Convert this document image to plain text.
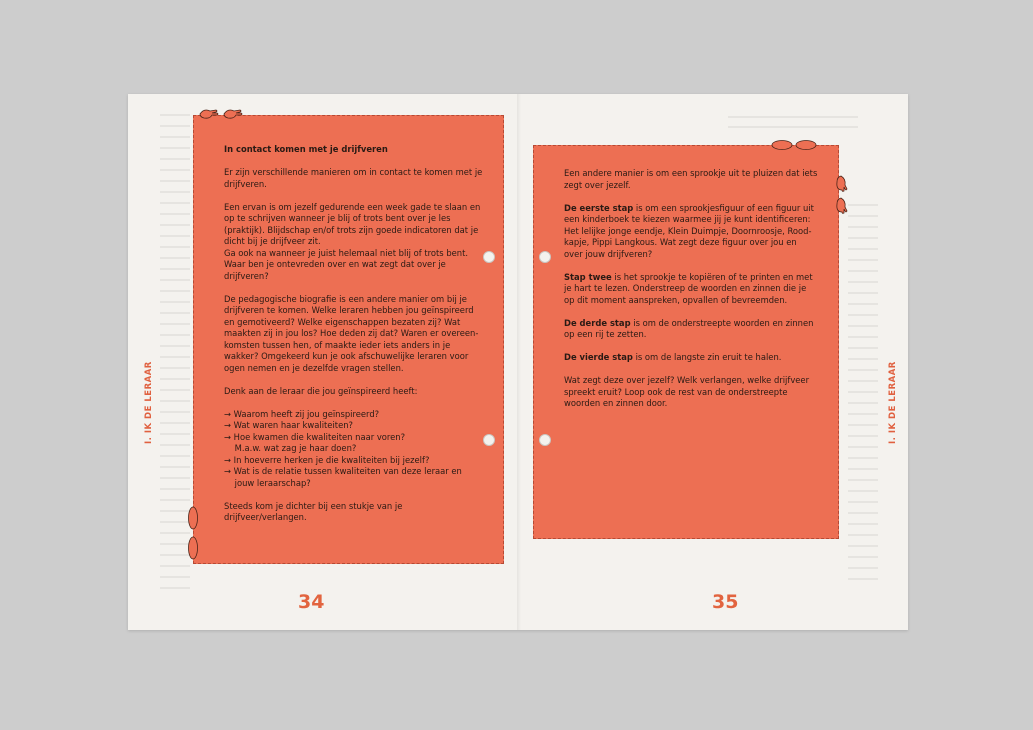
In contact komen met je drijfveren

Er zijn verschillende manieren om in contact te komen met je drijfveren.

Een ervan is om jezelf gedurende een week gade te slaan en op te schrijven wanneer je blij of trots bent over je les (praktijk). Blijdschap en/of trots zijn goede indicatoren dat je dicht bij je drijfveer zit.
Ga ook na wanneer je juist helemaal niet blij of trots bent. Waar ben je ontevreden over en wat zegt dat over je drijfveren?

De pedagogische biografie is een andere manier om bij je drijfveren te komen. Welke leraren hebben jou geïnspireerd en gemotiveerd? Welke eigenschappen bezaten zij? Wat maakten zij in jou los? Hoe deden zij dat? Waren er overeen-komsten tussen hen, of maakte ieder iets anders in je wakker? Omgekeerd kun je ook afschuwelijke leraren voor ogen nemen en je dezelfde vragen stellen.

Denk aan de leraar die jou geïnspireerd heeft:

→ Waarom heeft zij jou geïnspireerd?
→ Wat waren haar kwaliteiten?
→ Hoe kwamen die kwaliteiten naar voren?
M.a.w. wat zag je haar doen?
→ In hoeverre herken je die kwaliteiten bij jezelf?
→ Wat is de relatie tussen kwaliteiten van deze leraar en
jouw leraarschap?

Steeds kom je dichter bij een stukje van je drijfveer/verlangen.

Een andere manier is om een sprookje uit te pluizen dat iets zegt over jezelf.

De eerste stap is om een sprookjesfiguur of een figuur uit een kinderboek te kiezen waarmee jij je kunt identificeren: Het lelijke jonge eendje, Klein Duimpje, Doornroosje, Rood-kapje, Pippi Langkous. Wat zegt deze figuur over jou en over jouw drijfveren?

Stap twee is het sprookje te kopiëren of te printen en met je hart te lezen. Onderstreep de woorden en zinnen die je op dit moment aanspreken, opvallen of bevreemden.

De derde stap is om de onderstreepte woorden en zinnen op een rij te zetten.

De vierde stap is om de langste zin eruit te halen.

Wat zegt deze over jezelf? Welk verlangen, welke drijfveer spreekt eruit? Loop ook de rest van de onderstreepte woorden en zinnen door.

I. IK DE LERAAR	I. IK DE LERAAR
34	35
